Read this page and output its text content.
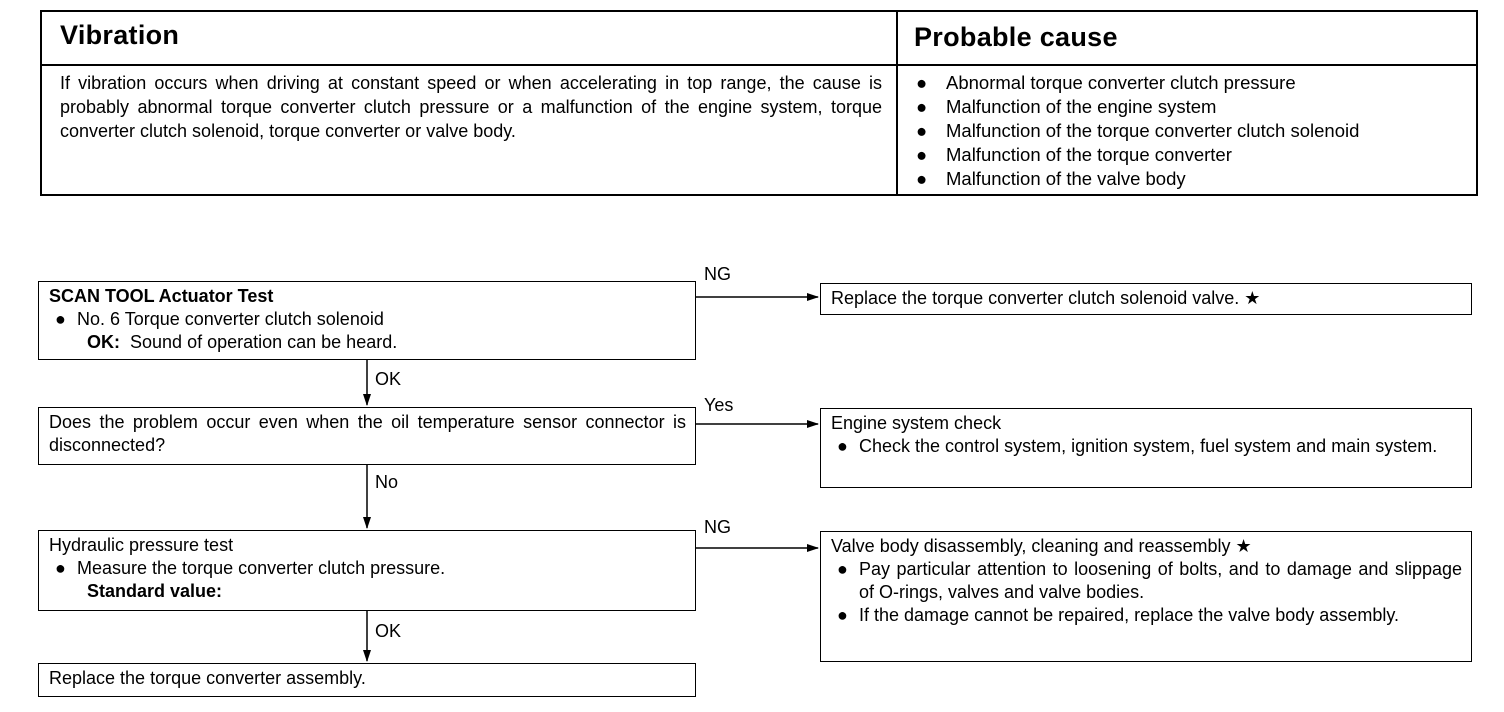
Vibration	Probable cause
If vibration occurs when driving at constant speed or when accelerating in top range, the cause is probably abnormal torque converter clutch pressure or a malfunction of the engine system, torque converter clutch solenoid, torque converter or valve body.
● Abnormal torque converter clutch pressure
● Malfunction of the engine system
● Malfunction of the torque converter clutch solenoid
● Malfunction of the torque converter
● Malfunction of the valve body
NG
OK
Yes
No
NG
OK
SCAN TOOL Actuator Test
● No. 6 Torque converter clutch solenoid
OK: Sound of operation can be heard.
Does the problem occur even when the oil temperature sensor connector is disconnected?
Hydraulic pressure test
● Measure the torque converter clutch pressure.
Standard value:
Replace the torque converter assembly.
Replace the torque converter clutch solenoid valve. ★
Engine system check
● Check the control system, ignition system, fuel system and main system.
Valve body disassembly, cleaning and reassembly ★
● Pay particular attention to loosening of bolts, and to damage and slippage of O-rings, valves and valve bodies.
● If the damage cannot be repaired, replace the valve body assembly.
